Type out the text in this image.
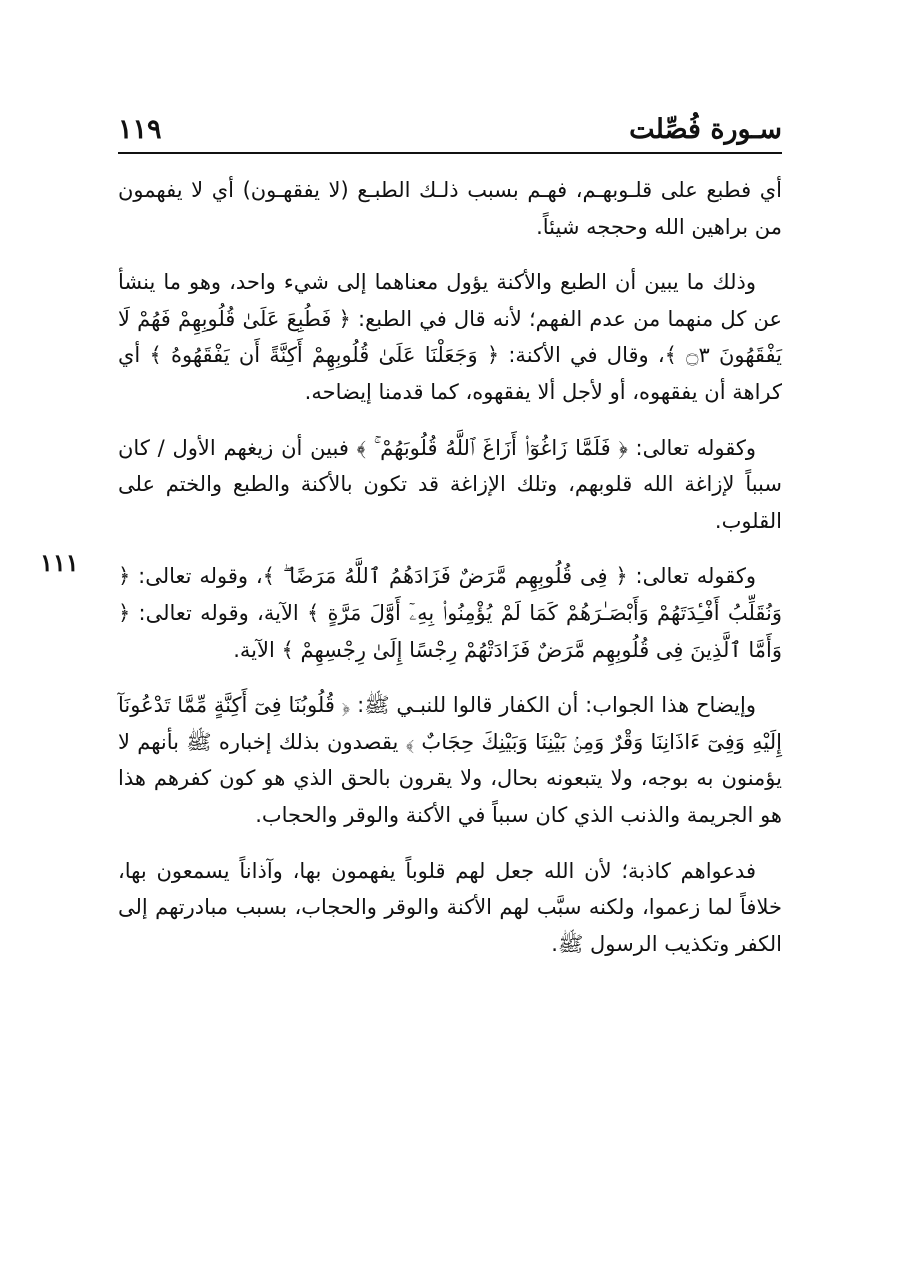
سـورة فُصِّلت
١١٩
١١١

أي فطبع على قلـوبهـم، فهـم بسبب ذلـك الطبـع (لا يفقهـون) أي لا يفهمون من براهين الله وحججه شيئاً.

وذلك ما يبين أن الطبع والأكنة يؤول معناهما إلى شيء واحد، وهو ما ينشأ عن كل منهما من عدم الفهم؛ لأنه قال في الطبع: ﴿ فَطُبِعَ عَلَىٰ قُلُوبِهِمْ فَهُمْ لَا يَفْقَهُونَ ۝٣ ﴾، وقال في الأكنة: ﴿ وَجَعَلْنَا عَلَىٰ قُلُوبِهِمْ أَكِنَّةً أَن يَفْقَهُوهُ ﴾ أي كراهة أن يفقهوه، أو لأجل ألا يفقهوه، كما قدمنا إيضاحه.

وكقوله تعالى: ﴿ فَلَمَّا زَاغُوٓا۟ أَزَاغَ ٱللَّهُ قُلُوبَهُمْ ۚ ﴾ فبين أن زيغهم الأول / كان سبباً لإزاغة الله قلوبهم، وتلك الإزاغة قد تكون بالأكنة والطبع والختم على القلوب.

وكقوله تعالى: ﴿ فِى قُلُوبِهِم مَّرَضٌ فَزَادَهُمُ ٱللَّهُ مَرَضًا ۖ ﴾، وقوله تعالى: ﴿ وَنُقَلِّبُ أَفْـِٔدَتَهُمْ وَأَبْصَـٰرَهُمْ كَمَا لَمْ يُؤْمِنُوا۟ بِهِۦٓ أَوَّلَ مَرَّةٍ ﴾ الآية، وقوله تعالى: ﴿ وَأَمَّا ٱلَّذِينَ فِى قُلُوبِهِم مَّرَضٌ فَزَادَتْهُمْ رِجْسًا إِلَىٰ رِجْسِهِمْ ﴾ الآية.

وإيضاح هذا الجواب: أن الكفار قالوا للنبـي ﷺ: ﴿ قُلُوبُنَا فِىٓ أَكِنَّةٍ مِّمَّا تَدْعُونَآ إِلَيْهِ وَفِىٓ ءَاذَانِنَا وَقْرٌ وَمِنۢ بَيْنِنَا وَبَيْنِكَ حِجَابٌ ﴾ يقصدون بذلك إخباره ﷺ بأنهم لا يؤمنون به بوجه، ولا يتبعونه بحال، ولا يقرون بالحق الذي هو كون كفرهم هذا هو الجريمة والذنب الذي كان سبباً في الأكنة والوقر والحجاب.

فدعواهم كاذبة؛ لأن الله جعل لهم قلوباً يفهمون بها، وآذاناً يسمعون بها، خلافاً لما زعموا، ولكنه سبَّب لهم الأكنة والوقر والحجاب، بسبب مبادرتهم إلى الكفر وتكذيب الرسول ﷺ.
